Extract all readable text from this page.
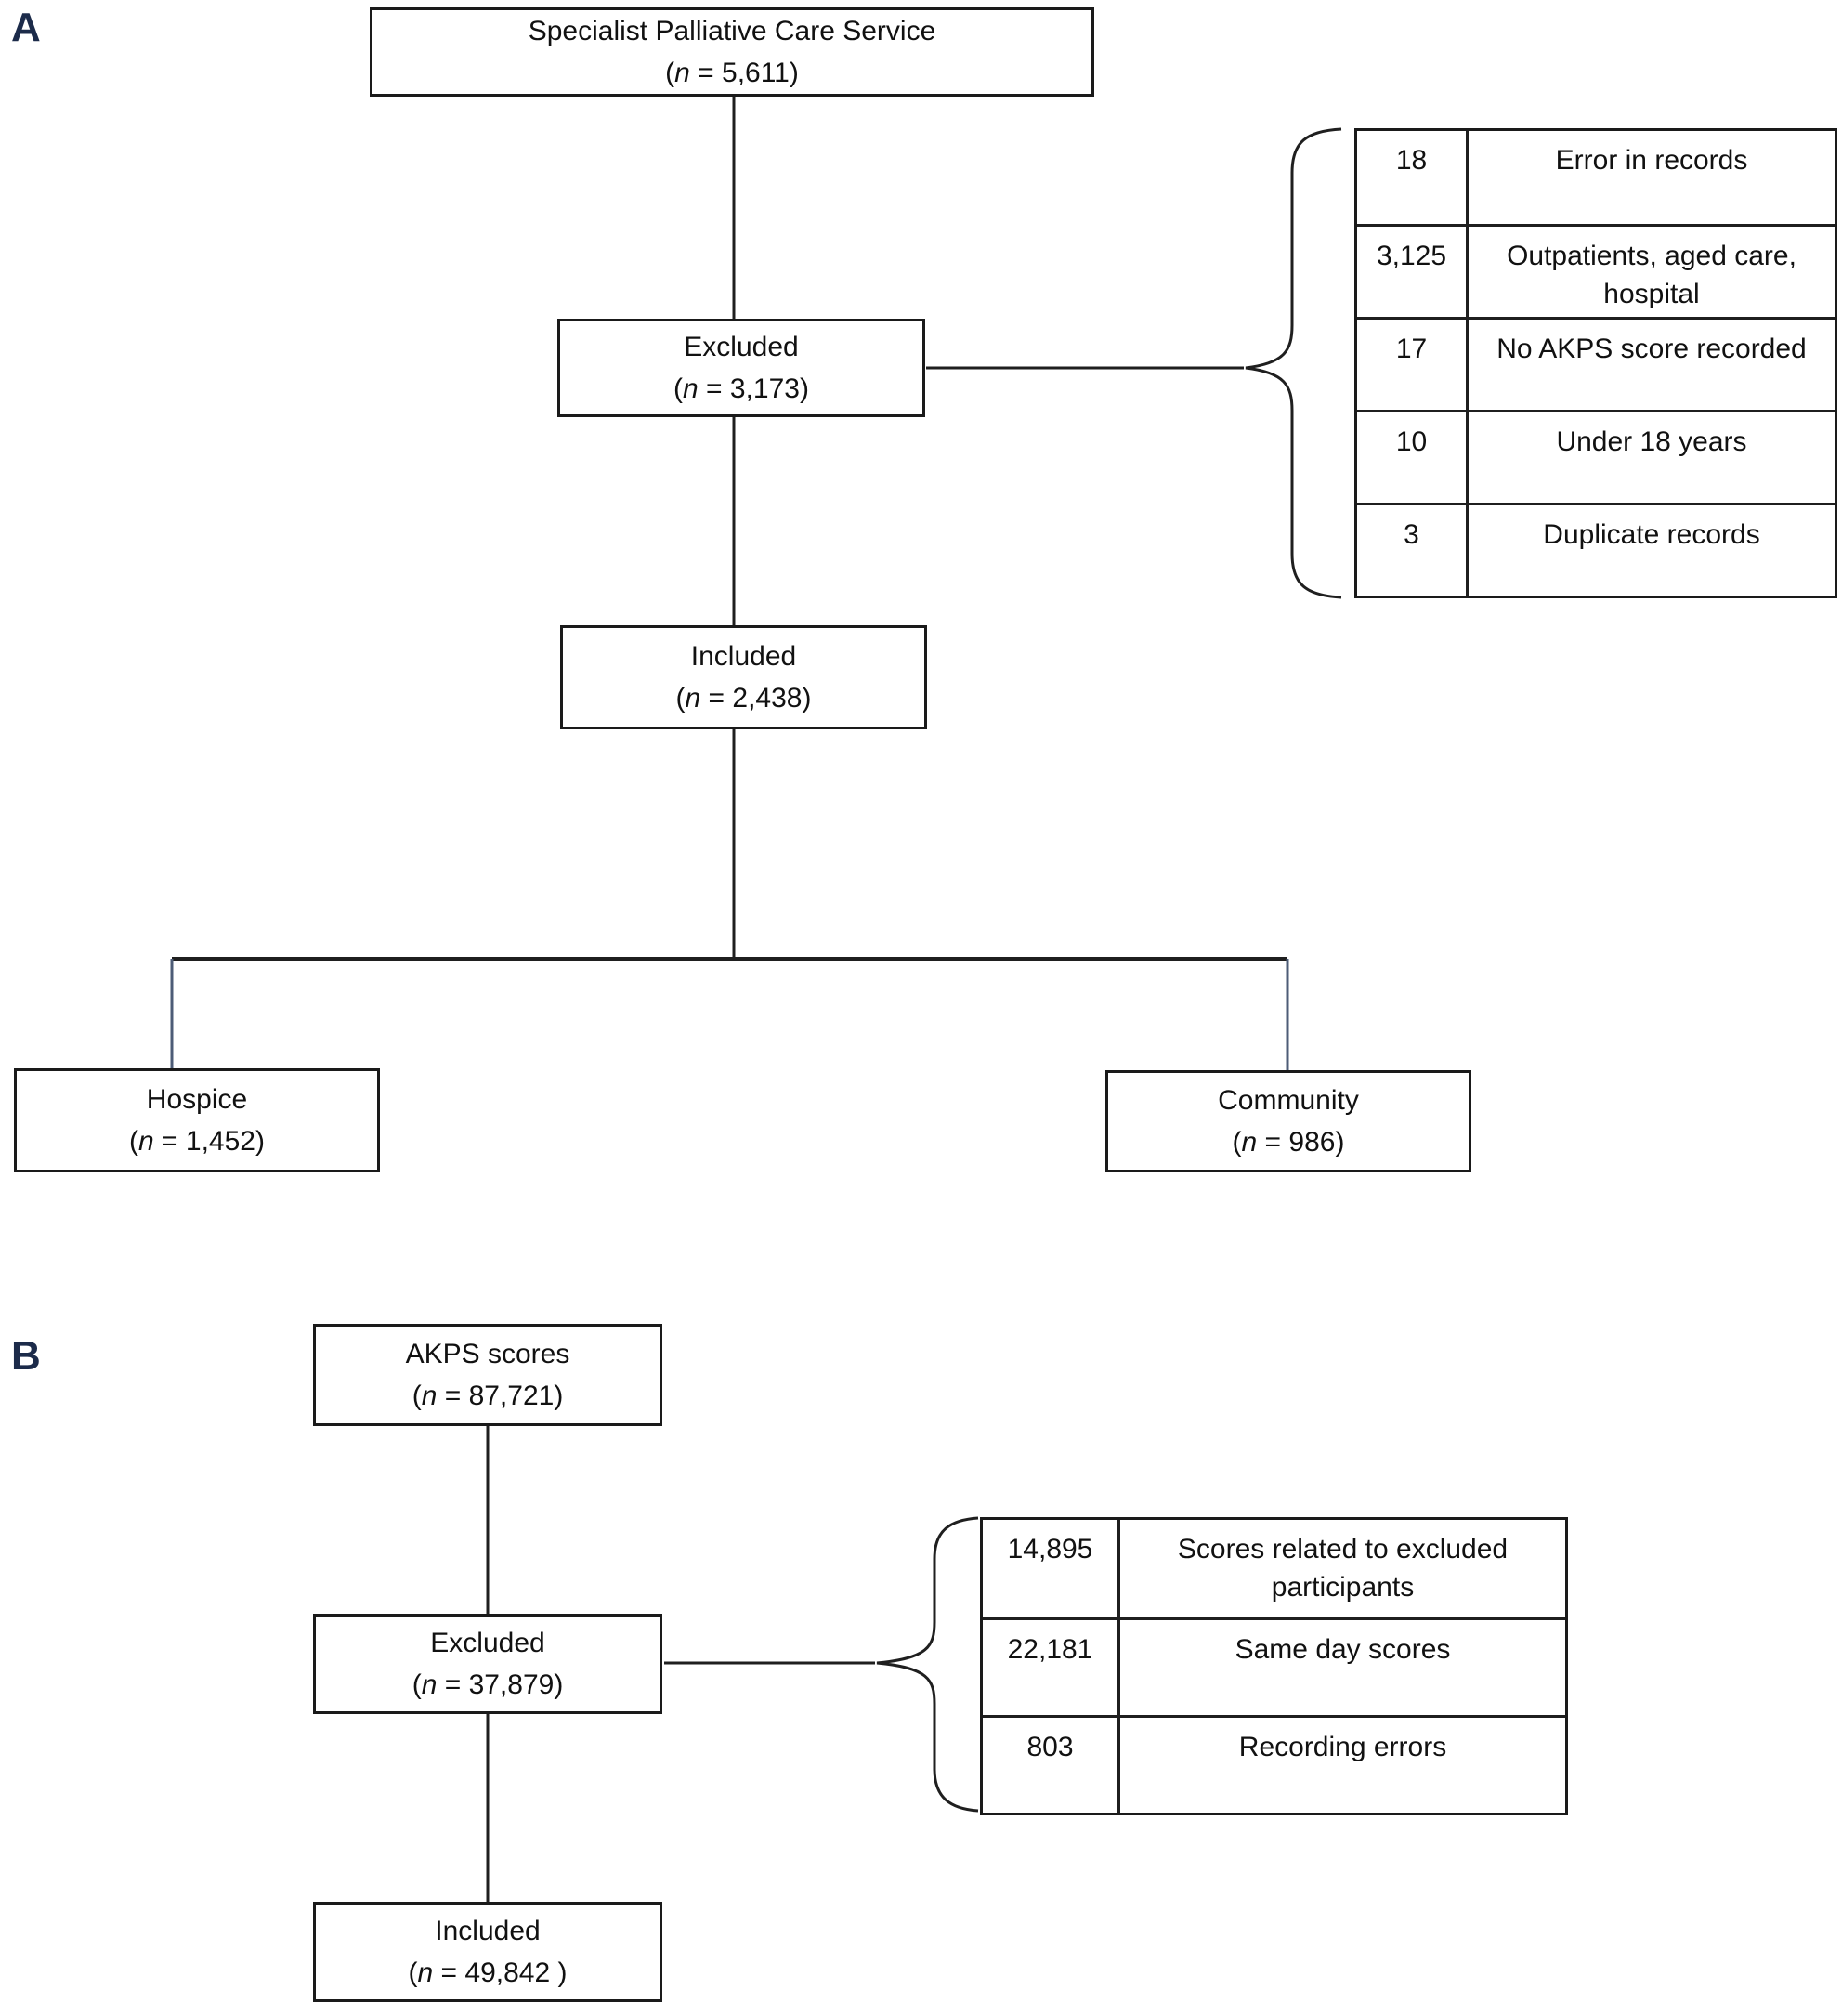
A	Specialist Palliative Care Service
(n = 5,611)
Excluded
(n = 3,173)
18	Error in records
3,125	Outpatients, aged care, hospital
17	No AKPS score recorded
10	Under 18 years
3	Duplicate records
Included
(n = 2,438)
Hospice
(n = 1,452)
Community
(n = 986)
B	AKPS scores
(n = 87,721)
Excluded
(n = 37,879)
14,895	Scores related to excluded participants
22,181	Same day scores
803	Recording errors
Included
(n = 49,842 )
